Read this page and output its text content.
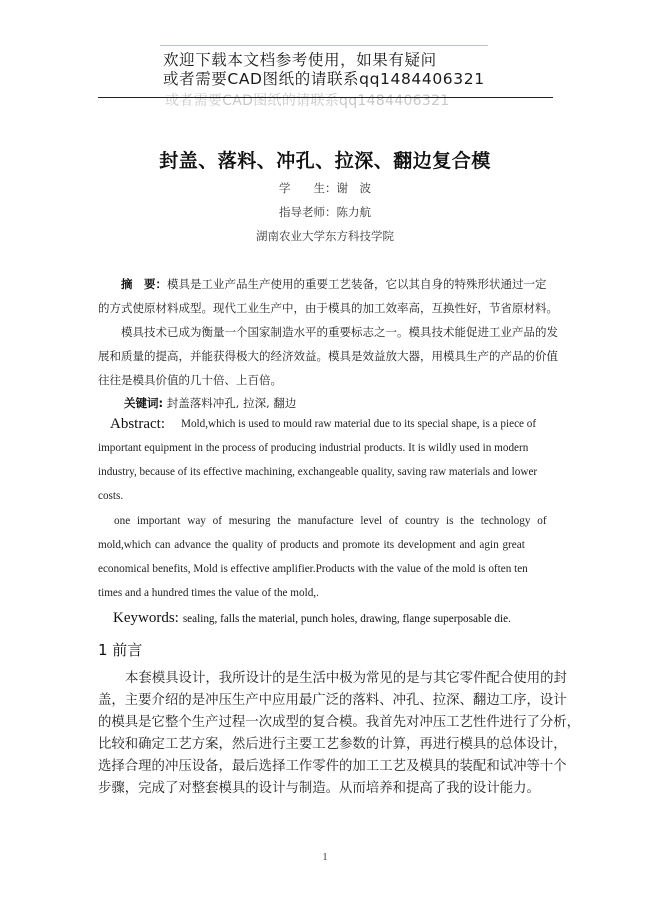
欢迎下载本文档参考使用，如果有疑问
或者需要CAD图纸的请联系qq1484406321
或者需要CAD图纸的请联系qq1484406321
封盖、落料、冲孔、拉深、翻边复合模
学　　生：谢　波
指导老师：陈力航
湖南农业大学东方科技学院
摘　要：模具是工业产品生产使用的重要工艺装备，它以其自身的特殊形状通过一定
的方式使原材料成型。现代工业生产中，由于模具的加工效率高，互换性好，节省原材料。
模具技术已成为衡量一个国家制造水平的重要标志之一。模具技术能促进工业产品的发
展和质量的提高，并能获得极大的经济效益。模具是效益放大器，用模具生产的产品的价值
往往是模具价值的几十倍、上百倍。
关键词: 封盖落料冲孔, 拉深, 翻边
Abstract: Mold,which is used to mould raw material due to its special shape, is a piece of
important equipment in the process of producing industrial products. It is wildly used in modern
industry, because of its effective machining, exchangeable quality, saving raw materials and lower
costs.
one important way of mesuring the manufacture level of country is the technology of
mold,which can advance the quality of products and promote its development and agin great
economical benefits, Mold is effective amplifier.Products with the value of the mold is often ten
times and a hundred times the value of the mold,.
Keywords: sealing, falls the material, punch holes, drawing, flange superposable die.
1 前言
本套模具设计，我所设计的是生活中极为常见的是与其它零件配合使用的封
盖，主要介绍的是冲压生产中应用最广泛的落料、冲孔、拉深、翻边工序，设计
的模具是它整个生产过程一次成型的复合模。我首先对冲压工艺性件进行了分析，
比较和确定工艺方案，然后进行主要工艺参数的计算，再进行模具的总体设计，
选择合理的冲压设备，最后选择工作零件的加工工艺及模具的装配和试冲等十个
步骤，完成了对整套模具的设计与制造。从而培养和提高了我的设计能力。
1
